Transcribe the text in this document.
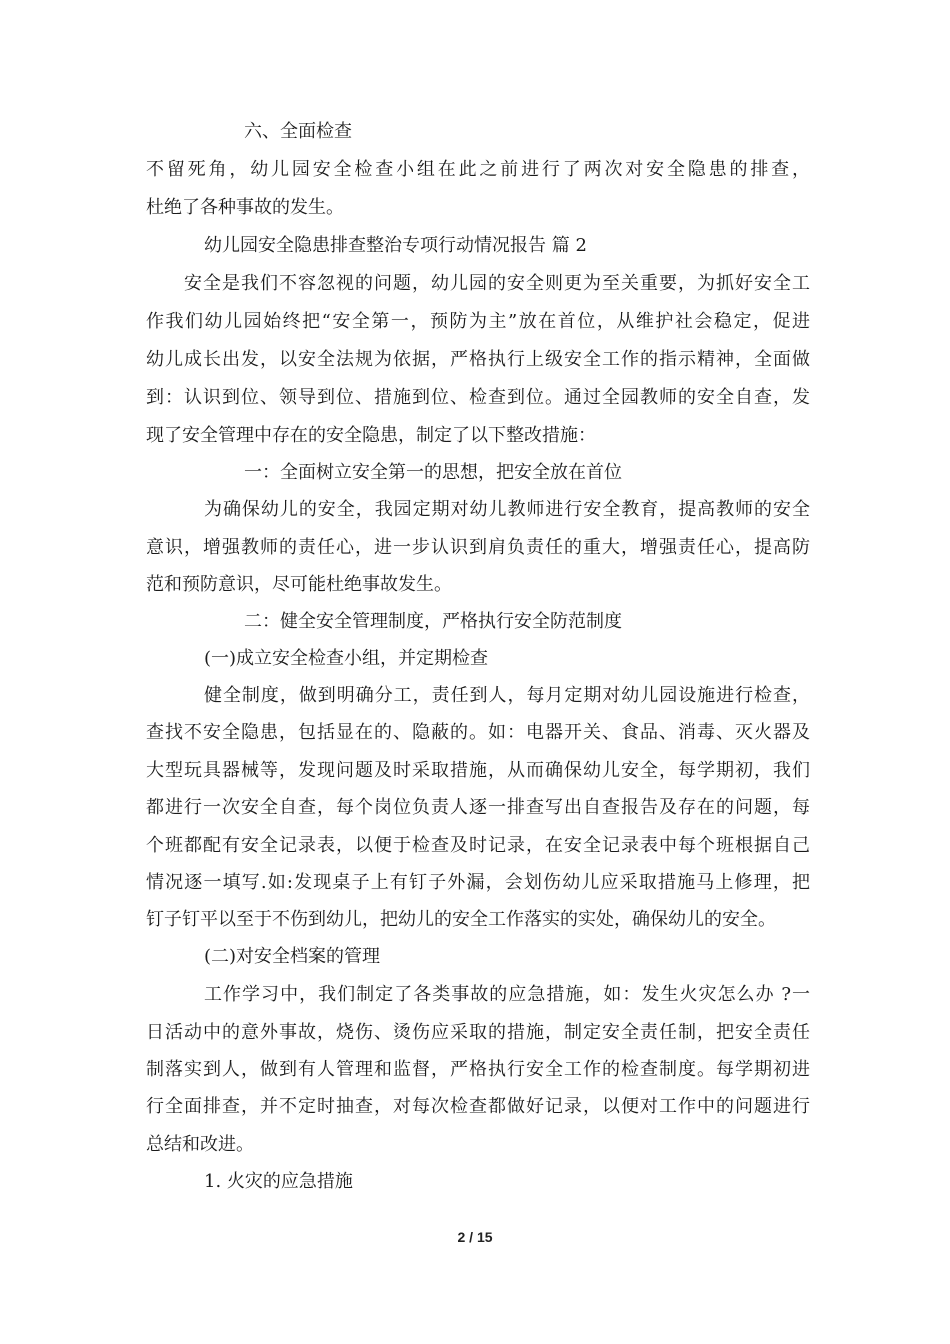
六、全面检查
不留死角，幼儿园安全检查小组在此之前进行了两次对安全隐患的排查，
杜绝了各种事故的发生。
幼儿园安全隐患排查整治专项行动情况报告 篇 2
安全是我们不容忽视的问题，幼儿园的安全则更为至关重要，为抓好安全工
作我们幼儿园始终把“安全第一，预防为主”放在首位，从维护社会稳定，促进
幼儿成长出发，以安全法规为依据，严格执行上级安全工作的指示精神，全面做
到：认识到位、领导到位、措施到位、检查到位。通过全园教师的安全自查，发
现了安全管理中存在的安全隐患，制定了以下整改措施：
一：全面树立安全第一的思想，把安全放在首位
为确保幼儿的安全，我园定期对幼儿教师进行安全教育，提高教师的安全
意识，增强教师的责任心，进一步认识到肩负责任的重大，增强责任心，提高防
范和预防意识，尽可能杜绝事故发生。
二：健全安全管理制度，严格执行安全防范制度
(一)成立安全检查小组，并定期检查
健全制度，做到明确分工，责任到人，每月定期对幼儿园设施进行检查，
查找不安全隐患，包括显在的、隐蔽的。如：电器开关、食品、消毒、灭火器及
大型玩具器械等，发现问题及时采取措施，从而确保幼儿安全，每学期初，我们
都进行一次安全自查，每个岗位负责人逐一排查写出自查报告及存在的问题，每
个班都配有安全记录表，以便于检查及时记录，在安全记录表中每个班根据自己
情况逐一填写.如:发现桌子上有钉子外漏，会划伤幼儿应采取措施马上修理，把
钉子钉平以至于不伤到幼儿，把幼儿的安全工作落实的实处，确保幼儿的安全。
(二)对安全档案的管理
工作学习中，我们制定了各类事故的应急措施，如：发生火灾怎么办 ?一
日活动中的意外事故，烧伤、烫伤应采取的措施，制定安全责任制，把安全责任
制落实到人，做到有人管理和监督，严格执行安全工作的检查制度。每学期初进
行全面排查，并不定时抽查，对每次检查都做好记录，以便对工作中的问题进行
总结和改进。
1. 火灾的应急措施
2 / 15
